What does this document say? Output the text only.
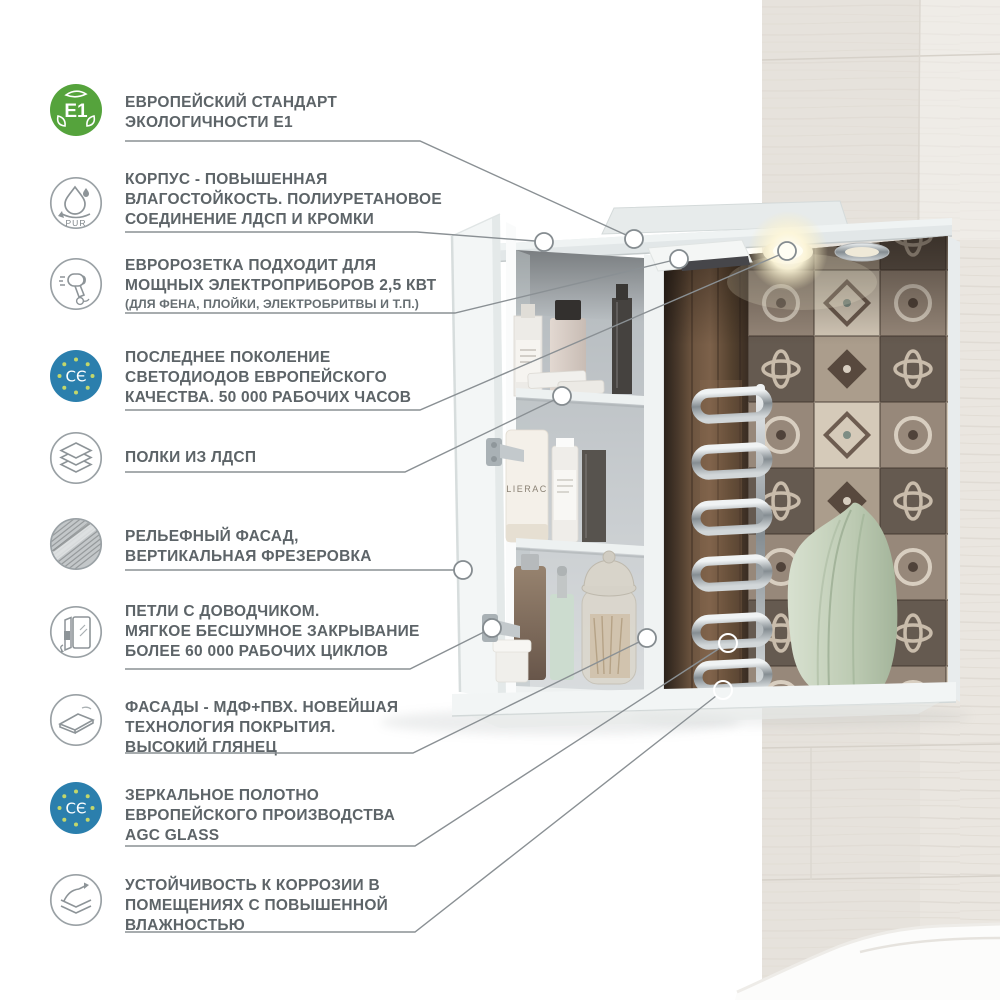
LIERAC
E1 ЕВРОПЕЙСКИЙ СТАНДАРТ
ЭКОЛОГИЧНОСТИ Е1
PUR
КОРПУС - ПОВЫШЕННАЯ
ВЛАГОСТОЙКОСТЬ. ПОЛИУРЕТАНОВОЕ
СОЕДИНЕНИЕ ЛДСП И КРОМКИ
ЕВРОРОЗЕТКА ПОДХОДИТ ДЛЯ
МОЩНЫХ ЭЛЕКТРОПРИБОРОВ 2,5 КВТ
(ДЛЯ ФЕНА, ПЛОЙКИ, ЭЛЕКТРОБРИТВЫ И Т.П.)
CЄ
ПОСЛЕДНЕЕ ПОКОЛЕНИЕ
СВЕТОДИОДОВ ЕВРОПЕЙСКОГО
КАЧЕСТВА. 50 000 РАБОЧИХ ЧАСОВ
ПОЛКИ ИЗ ЛДСП
РЕЛЬЕФНЫЙ ФАСАД,
ВЕРТИКАЛЬНАЯ ФРЕЗЕРОВКА
ПЕТЛИ С ДОВОДЧИКОМ.
МЯГКОЕ БЕСШУМНОЕ ЗАКРЫВАНИЕ
БОЛЕЕ 60 000 РАБОЧИХ ЦИКЛОВ
ФАСАДЫ - МДФ+ПВХ. НОВЕЙШАЯ
ТЕХНОЛОГИЯ ПОКРЫТИЯ.
ВЫСОКИЙ ГЛЯНЕЦ
CЄ
ЗЕРКАЛЬНОЕ ПОЛОТНО
ЕВРОПЕЙСКОГО ПРОИЗВОДСТВА
AGC GLASS
УСТОЙЧИВОСТЬ К КОРРОЗИИ В
ПОМЕЩЕНИЯХ С ПОВЫШЕННОЙ
ВЛАЖНОСТЬЮ
